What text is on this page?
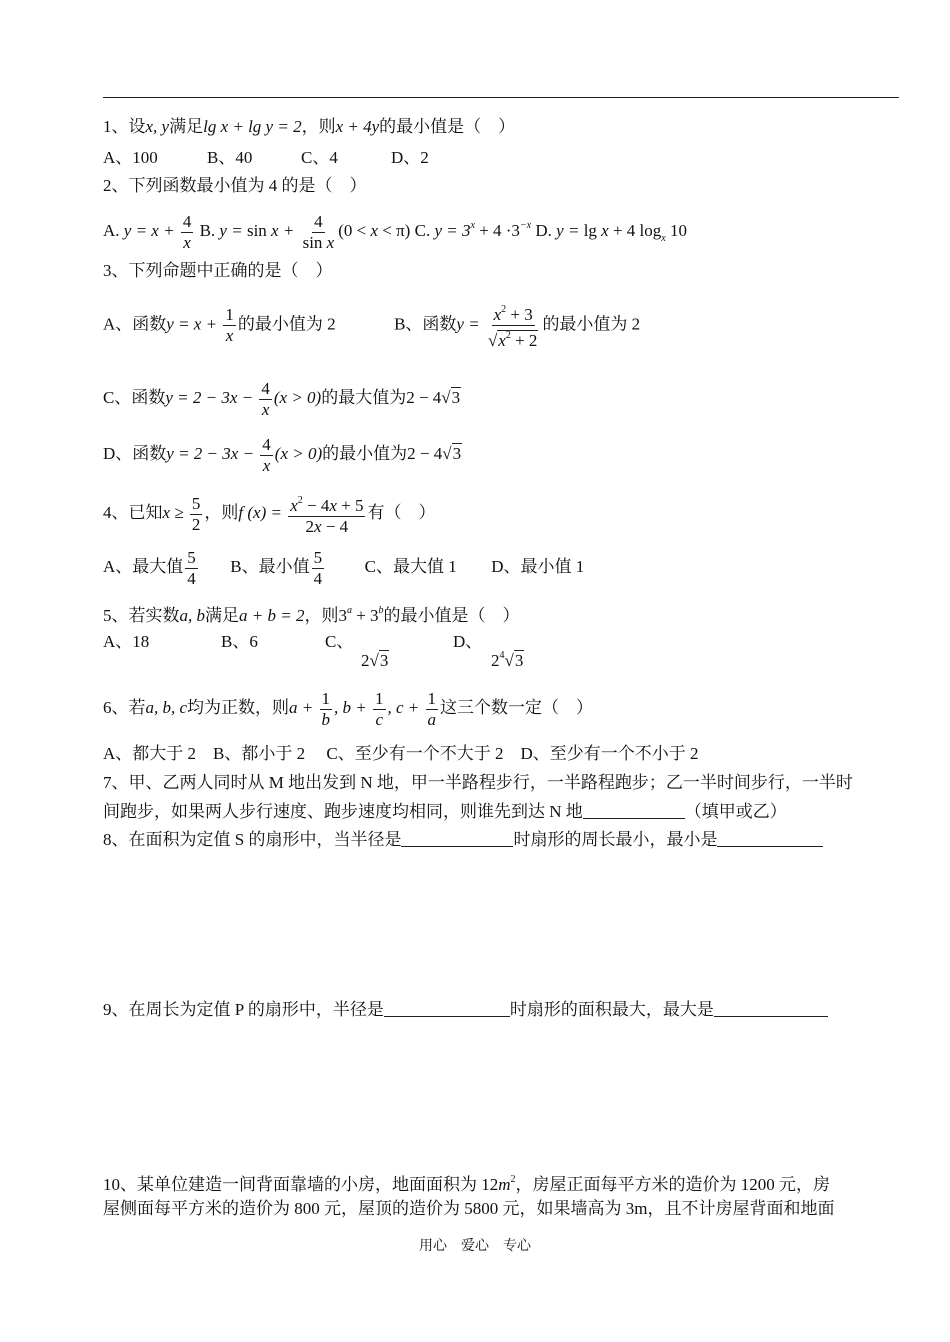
1、设x, y满足lg x + lg y = 2，则x + 4y的最小值是（　）
A、100	B、40	C、4	D、2
2、下列函数最小值为 4 的是（　）
A. $y = x + \frac{4}{x} B$. $y = \sin x + \frac{4}{\text{sin x}} (0 < x < \pi)$ C. $y = 3^x + 4 \cdot 3^{-x}$ D. y = lg x + 4 $\log_x 10$
3、下列命题中正确的是（　）
A、函数$y = x + \frac{1}{x}$ 的最小值为 2	B、函数$y = \frac{x^2 + 3}{√x^2 + 2}$ 的最小值为 2
C、函数$y = 2 - 3x - \frac{4}{x} (x > 0)$的最大值为2 − 4√3
D、函数$y = 2 - 3x - \frac{4}{x} (x > 0)$的最小值为2 − 4√3
4、已知$x \ge \frac{5}{2}$ ，则f $(x) = \frac{x^2 - 4x + 5}{2x - 4}$ 有（　）
A、最大值 $\frac{5}{4}$ B、最小值 $\frac{5}{4}$ C、最大值 1 D、最小值 1
5、若实数a, b满足a + b = 2，则$3^a + 3^b$的最小值是（　）
A、18	B、6	C、	D、
2√3	$2^4√3$
6、若a, b, c均为正数，则$a + \frac{1}{b}$ , $b + \frac{1}{c}$ , $c + \frac{1}{a}$ 这三个数一定（　）
A、都大于 2　B、都小于 2　 C、至少有一个不大于 2　D、至少有一个不小于 2
7、甲、乙两人同时从 M 地出发到 N 地，甲一半路程步行，一半路程跑步；乙一半时间步行，一半时
间跑步，如果两人步行速度、跑步速度均相同，则谁先到达 N 地	（填甲或乙）
8、在面积为定值 S 的扇形中，当半径是	时扇形的周长最小，最小是
9、在周长为定值 P 的扇形中，半径是	时扇形的面积最大，最大是
10、某单位建造一间背面靠墙的小房，地面面积为 $12m^2$，房屋正面每平方米的造价为 1200 元，房
屋侧面每平方米的造价为 800 元，屋顶的造价为 5800 元，如果墙高为 3m，且不计房屋背面和地面
用心　爱心　专心
